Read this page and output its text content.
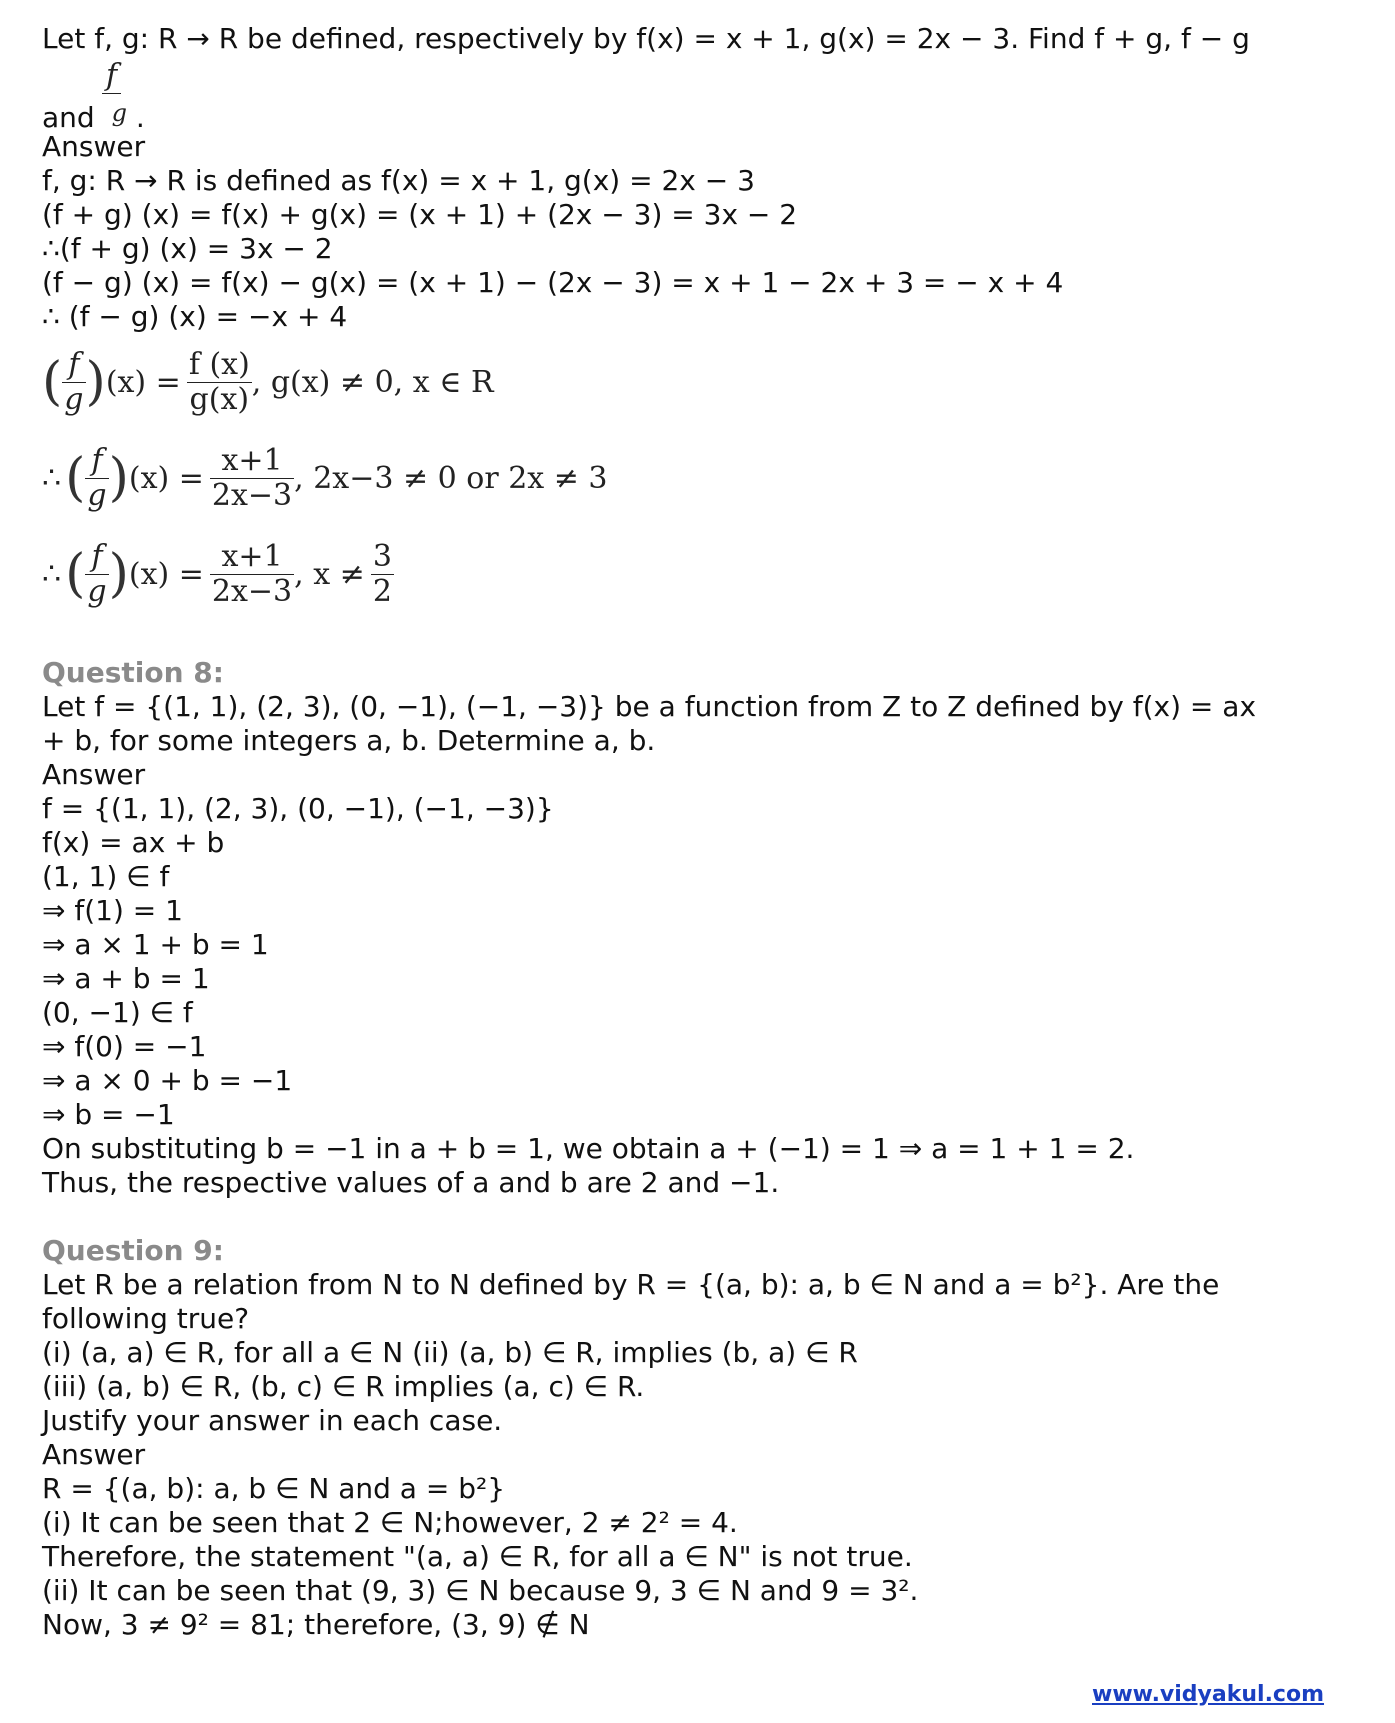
Let f, g: R → R be defined, respectively by f(x) = x + 1, g(x) = 2x − 3. Find f + g, f − g
f
and g .
Answer
f, g: R → R is defined as f(x) = x + 1, g(x) = 2x − 3
(f + g) (x) = f(x) + g(x) = (x + 1) + (2x − 3) = 3x − 2
∴(f + g) (x) = 3x − 2
(f − g) (x) = f(x) − g(x) = (x + 1) − (2x − 3) = x + 1 − 2x + 3 = − x + 4
∴ (f − g) (x) = −x + 4
( $\frac{f}{g}$ ) $(x) = \frac{f (x)}{g(x)}$ , g(x) ≠ 0, x ∈ R
∴ ( $\frac{f}{g}$ ) $(x) = \frac{x+1}{2x-3}$ , 2x−3 ≠ 0 or 2x ≠ 3
∴ ( $\frac{f}{g}$ ) $(x) = \frac{x+1}{2x-3}$ , $x \ne \frac{3}{2}$
Question 8:
Let f = {(1, 1), (2, 3), (0, −1), (−1, −3)} be a function from Z to Z defined by f(x) = ax
+ b, for some integers a, b. Determine a, b.
Answer
f = {(1, 1), (2, 3), (0, −1), (−1, −3)}
f(x) = ax + b
(1, 1) ∈ f
⇒ f(1) = 1
⇒ a × 1 + b = 1
⇒ a + b = 1
(0, −1) ∈ f
⇒ f(0) = −1
⇒ a × 0 + b = −1
⇒ b = −1
On substituting b = −1 in a + b = 1, we obtain a + (−1) = 1 ⇒ a = 1 + 1 = 2.
Thus, the respective values of a and b are 2 and −1.
Question 9:
Let R be a relation from N to N defined by R = {(a, b): a, b ∈ N and a = b²}. Are the
following true?
(i) (a, a) ∈ R, for all a ∈ N (ii) (a, b) ∈ R, implies (b, a) ∈ R
(iii) (a, b) ∈ R, (b, c) ∈ R implies (a, c) ∈ R.
Justify your answer in each case.
Answer
R = {(a, b): a, b ∈ N and a = b²}
(i) It can be seen that 2 ∈ N;however, 2 ≠ 2² = 4.
Therefore, the statement "(a, a) ∈ R, for all a ∈ N" is not true.
(ii) It can be seen that (9, 3) ∈ N because 9, 3 ∈ N and 9 = 3².
Now, 3 ≠ 9² = 81; therefore, (3, 9) ∉ N
www.vidyakul.com
